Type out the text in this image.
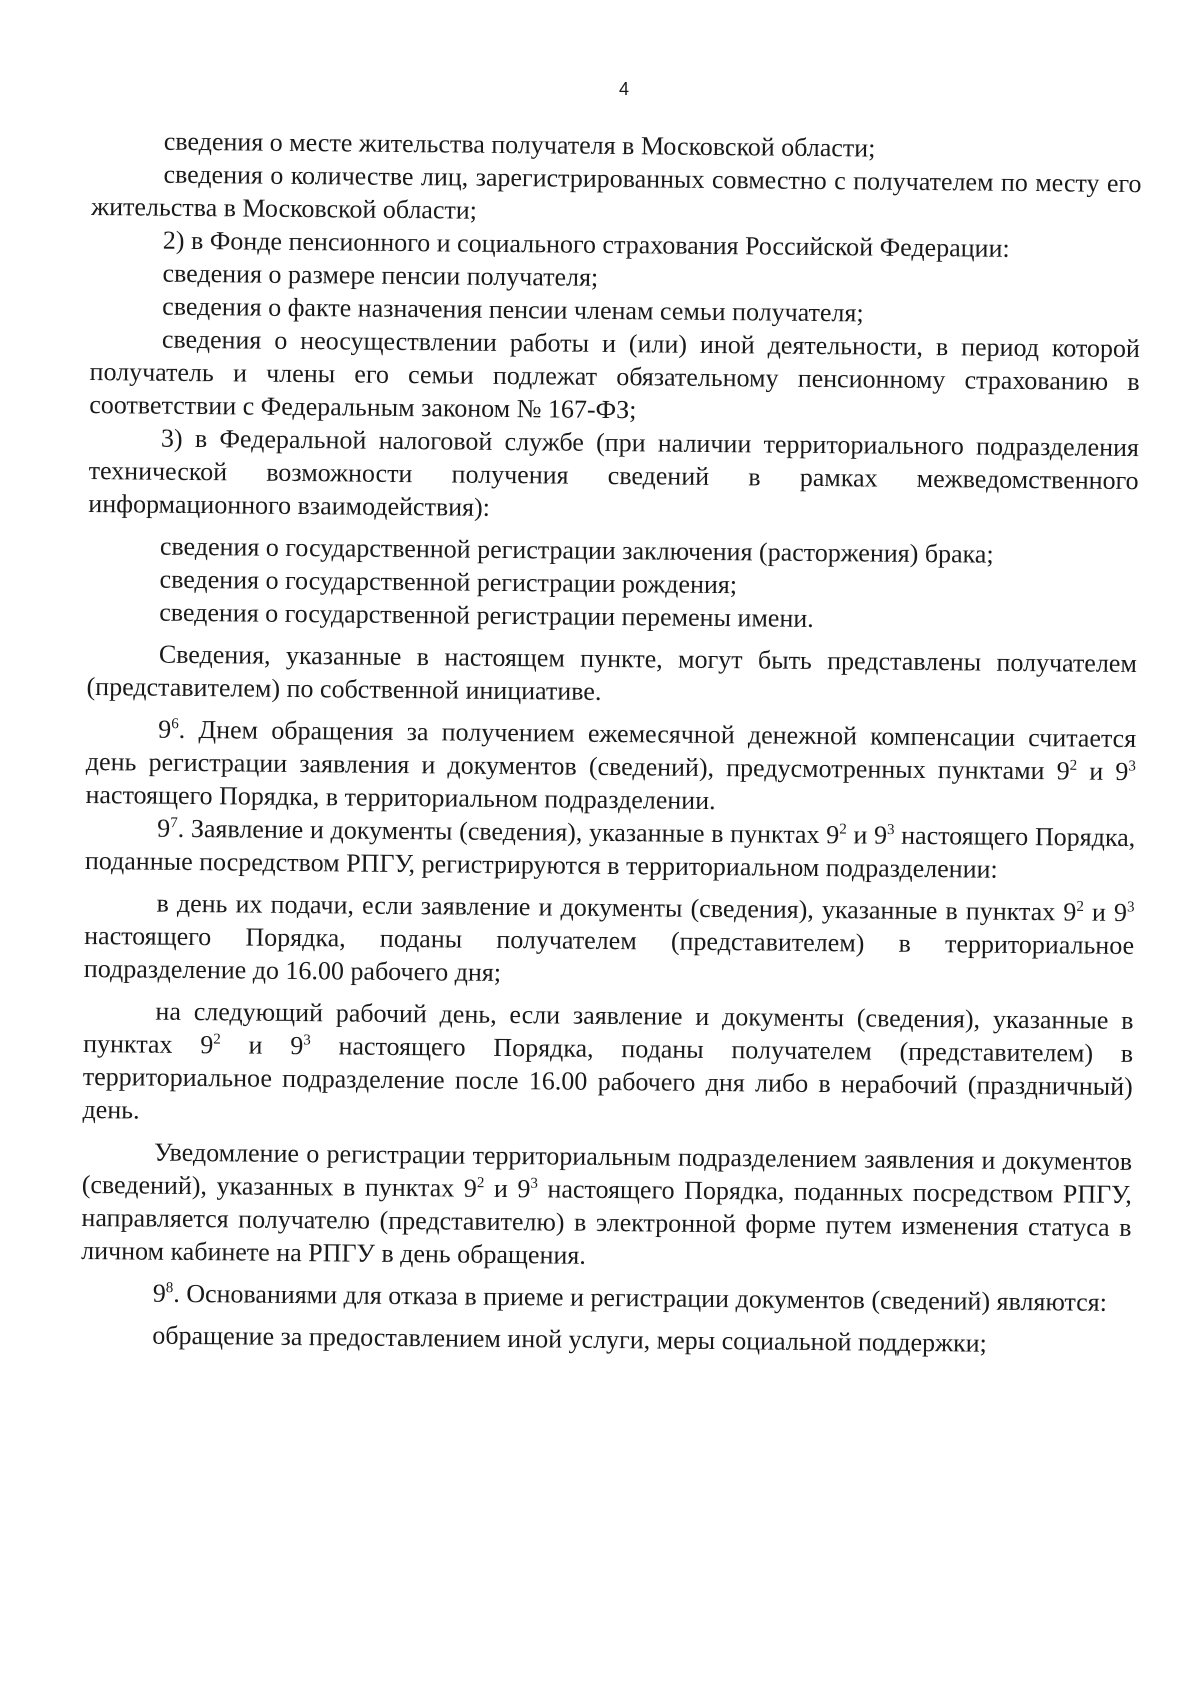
4

сведения о месте жительства получателя в Московской области;

сведения о количестве лиц, зарегистрированных совместно с получателем по месту его жительства в Московской области;

2) в Фонде пенсионного и социального страхования Российской Федерации:

сведения о размере пенсии получателя;

сведения о факте назначения пенсии членам семьи получателя;

сведения о неосуществлении работы и (или) иной деятельности, в период которой получатель и члены его семьи подлежат обязательному пенсионному страхованию в соответствии с Федеральным законом № 167-ФЗ;

3) в Федеральной налоговой службе (при наличии территориального подразделения технической возможности получения сведений в рамках межведомственного информационного взаимодействия):

сведения о государственной регистрации заключения (расторжения) брака;

сведения о государственной регистрации рождения;

сведения о государственной регистрации перемены имени.

Сведения, указанные в настоящем пункте, могут быть представлены получателем (представителем) по собственной инициативе.

$9^6$. Днем обращения за получением ежемесячной денежной компенсации считается день регистрации заявления и документов (сведений), предусмотренных пунктами $9^2$ и $9^3$ настоящего Порядка, в территориальном подразделении.

$9^7$. Заявление и документы (сведения), указанные в пунктах $9^2$ и $9^3$ настоящего Порядка, поданные посредством РПГУ, регистрируются в территориальном подразделении:

в день их подачи, если заявление и документы (сведения), указанные в пунктах $9^2$ и $9^3$ настоящего Порядка, поданы получателем (представителем) в территориальное подразделение до 16.00 рабочего дня;

на следующий рабочий день, если заявление и документы (сведения), указанные в пунктах $9^2$ и $9^3$ настоящего Порядка, поданы получателем (представителем) в территориальное подразделение после 16.00 рабочего дня либо в нерабочий (праздничный) день.

Уведомление о регистрации территориальным подразделением заявления и документов (сведений), указанных в пунктах $9^2$ и $9^3$ настоящего Порядка, поданных посредством РПГУ, направляется получателю (представителю) в электронной форме путем изменения статуса в личном кабинете на РПГУ в день обращения.

$9^8$. Основаниями для отказа в приеме и регистрации документов (сведений) являются:

обращение за предоставлением иной услуги, меры социальной поддержки;
